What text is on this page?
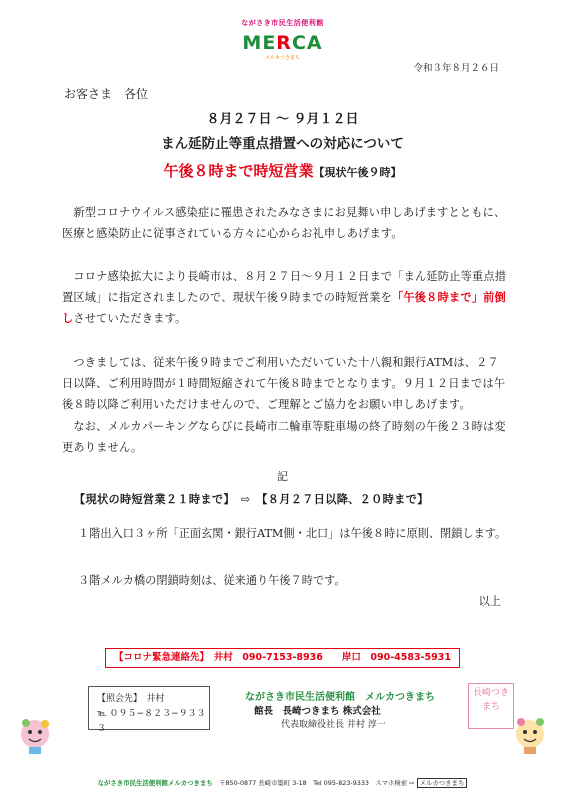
ながさき市民生活便利館
MERCA
メルカつきまち
令和３年８月２６日
お客さま　各位
８月２７日 ～ ９月１２日
まん延防止等重点措置への対応について
午後８時まで時短営業【現状午後９時】
　新型コロナウイルス感染症に罹患されたみなさまにお見舞い申しあげますとともに、医療と感染防止に従事されている方々に心からお礼申しあげます。
　コロナ感染拡大により長崎市は、８月２７日～９月１２日まで「まん延防止等重点措置区域」に指定されましたので、現状午後９時までの時短営業を「午後８時まで」前倒しさせていただきます。
　つきましては、従来午後９時までご利用いただいていた十八親和銀行ATMは、２７日以降、ご利用時間が１時間短縮されて午後８時までとなります。９月１２日までは午後８時以降ご利用いただけませんので、ご理解とご協力をお願い申しあげます。
　なお、メルカパーキングならびに長崎市二輪車等駐車場の終了時刻の午後２３時は変更ありません。
記
【現状の時短営業２１時まで】　⇨　【８月２７日以降、２０時まで】
１階出入口３ヶ所「正面玄関・銀行ATM側・北口」は午後８時に原則、閉鎖します。
３階メルカ橋の閉鎖時刻は、従来通り午後７時です。
以上
【コロナ緊急連絡先】　井村　090-7153-8936　　岸口　090-4583-5931
【照会先】　井村
℡ ０９５−８２３−９３３３
ながさき市民生活便利館　メルカつきまち
館長　長崎つきまち 株式会社
代表取締役社長 井村 淳一
長崎つきまち
ながさき市民生活便利館メルカつきまち　 〒850-0877 長崎市築町 3-18　Tel 095-823-9333　スマホ検索 ⇨ メルカつきまち
